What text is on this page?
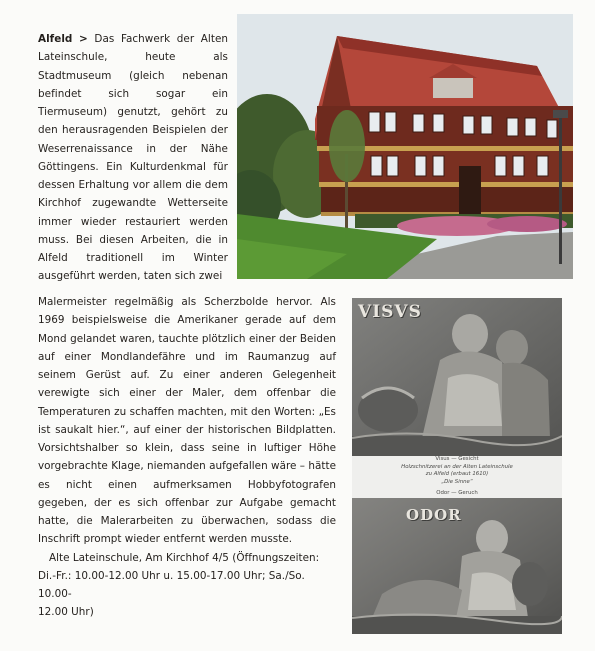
Alfeld > Das Fachwerk der Alten Lateinschule, heute als Stadtmuseum (gleich nebenan befindet sich sogar ein Tiermuseum) genutzt, gehört zu den herausragenden Beispielen der Weserrenaissance in der Nähe Göttingens. Ein Kulturdenkmal für dessen Erhaltung vor allem die dem Kirchhof zugewandte Wetterseite immer wieder restauriert werden muss. Bei diesen Arbeiten, die in Alfeld traditionell im Winter ausgeführt werden, taten sich zwei

Malermeister regelmäßig als Scherzbolde hervor. Als 1969 beispielsweise die Amerikaner gerade auf dem Mond gelandet waren, tauchte plötzlich einer der Beiden auf einer Mondlandefähre und im Raumanzug auf seinem Gerüst auf. Zu einer anderen Gelegenheit verewigte sich einer der Maler, dem offenbar die Temperaturen zu schaffen machten, mit den Worten: „Es ist saukalt hier.“, auf einer der historischen Bildplatten. Vorsichtshalber so klein, dass seine in luftiger Höhe vorgebrachte Klage, niemanden aufgefallen wäre – hätte es nicht einen aufmerksamen Hobbyfotografen gegeben, der es sich offenbar zur Aufgabe gemacht hatte, die Malerarbeiten zu überwachen, sodass die Inschrift prompt wieder entfernt werden musste.

Alte Lateinschule, Am Kirchhof 4/5 (Öffnungszeiten:
Di.-Fr.: 10.00-12.00 Uhr u. 15.00-17.00 Uhr; Sa./So. 10.00-
12.00 Uhr)

VISVS
Visus — Gesicht
Holzschnitzerei an der Alten Lateinschule
zu Alfeld (erbaut 1610)
„Die Sinne“
Odor — Geruch
ODOR
